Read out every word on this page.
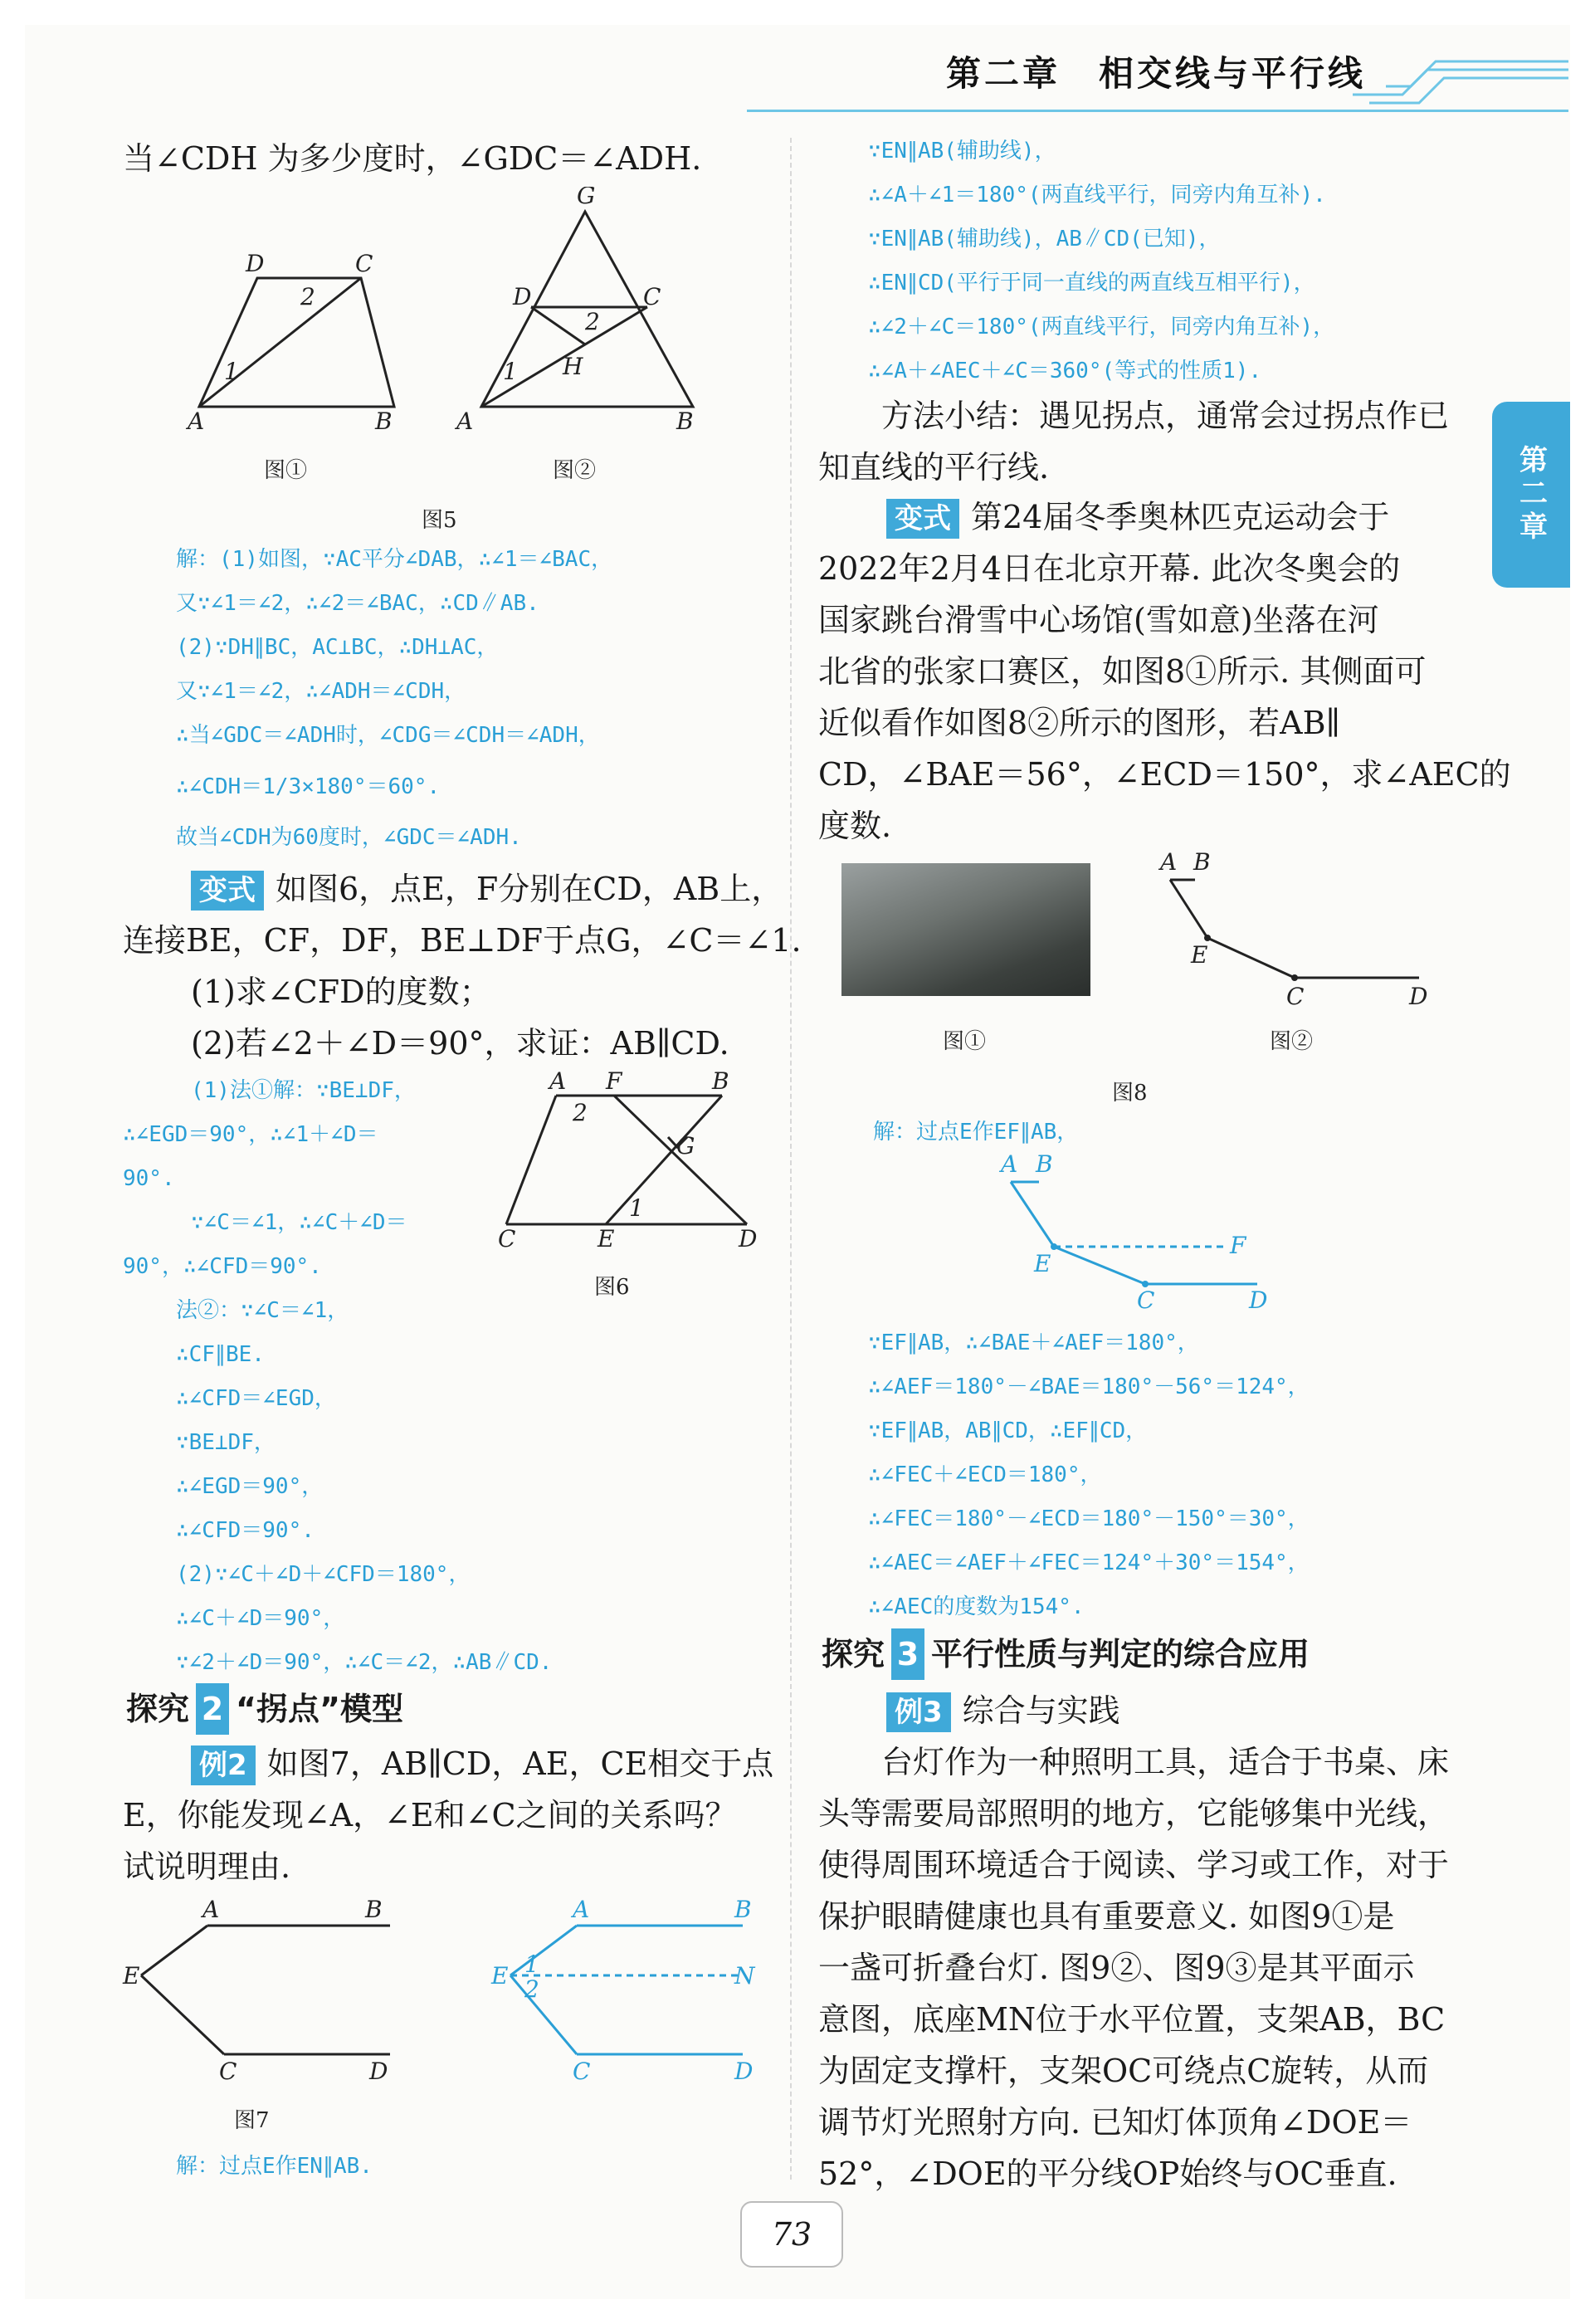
第二章　相交线与平行线
第二章

当∠CDH 为多少度时，∠GDC＝∠ADH.

D	C
2
1
A	B
G
D
2
C
1 H
A	B
图①	图②
图5

解：(1)如图，∵AC平分∠DAB，∴∠1＝∠BAC，

又∵∠1＝∠2，∴∠2＝∠BAC，∴CD∥AB.

(2)∵DH∥BC，AC⊥BC，∴DH⊥AC，

又∵∠1＝∠2，∴∠ADH＝∠CDH，

∴当∠GDC＝∠ADH时，∠CDG＝∠CDH＝∠ADH，

∴∠CDH＝1/3×180°＝60°.

故当∠CDH为60度时，∠GDC＝∠ADH.

变式 如图6，点E，F分别在CD，AB上，

连接BE，CF，DF，BE⊥DF于点G，∠C＝∠1.

(1)求∠CFD的度数；

(2)若∠2＋∠D＝90°，求证：AB∥CD.

(1)法①解：∵BE⊥DF，

∴∠EGD＝90°，∴∠1＋∠D＝

90°.

∵∠C＝∠1，∴∠C＋∠D＝

90°，∴∠CFD＝90°.

法②：∵∠C＝∠1，

∴CF∥BE.

∴∠CFD＝∠EGD，

∵BE⊥DF，

∴∠EGD＝90°，

∴∠CFD＝90°.

(2)∵∠C＋∠D＋∠CFD＝180°，

∴∠C＋∠D＝90°，

∵∠2＋∠D＝90°，∴∠C＝∠2，∴AB∥CD.

A F	B
2
G
1
C	E	D
图6

探究 2 “拐点”模型

例2 如图7，AB∥CD，AE，CE相交于点

E，你能发现∠A，∠E和∠C之间的关系吗？

试说明理由.

A	B
E
C	D
A	B
E 1
2	N
C	D
图7

解：过点E作EN∥AB.

∵EN∥AB(辅助线)，

∴∠A＋∠1＝180°(两直线平行，同旁内角互补).

∵EN∥AB(辅助线)，AB∥CD(已知)，

∴EN∥CD(平行于同一直线的两直线互相平行)，

∴∠2＋∠C＝180°(两直线平行，同旁内角互补)，

∴∠A＋∠AEC＋∠C＝360°(等式的性质1).

方法小结：遇见拐点，通常会过拐点作已

知直线的平行线.

变式 第24届冬季奥林匹克运动会于

2022年2月4日在北京开幕. 此次冬奥会的

国家跳台滑雪中心场馆(雪如意)坐落在河

北省的张家口赛区，如图8①所示. 其侧面可

近似看作如图8②所示的图形，若AB∥

CD，∠BAE＝56°，∠ECD＝150°，求∠AEC的

度数.

A B
E
C	D
图①	图②
图8

解：过点E作EF∥AB，

A B
E
F
C	D

∵EF∥AB，∴∠BAE＋∠AEF＝180°，

∴∠AEF＝180°－∠BAE＝180°－56°＝124°，

∵EF∥AB，AB∥CD，∴EF∥CD，

∴∠FEC＋∠ECD＝180°，

∴∠FEC＝180°－∠ECD＝180°－150°＝30°，

∴∠AEC＝∠AEF＋∠FEC＝124°＋30°＝154°，

∴∠AEC的度数为154°.

探究 3 平行性质与判定的综合应用

例3 综合与实践

台灯作为一种照明工具，适合于书桌、床

头等需要局部照明的地方，它能够集中光线，

使得周围环境适合于阅读、学习或工作，对于

保护眼睛健康也具有重要意义. 如图9①是

一盏可折叠台灯. 图9②、图9③是其平面示

意图，底座MN位于水平位置，支架AB，BC

为固定支撑杆，支架OC可绕点C旋转，从而

调节灯光照射方向. 已知灯体顶角∠DOE＝

52°，∠DOE的平分线OP始终与OC垂直.

73
